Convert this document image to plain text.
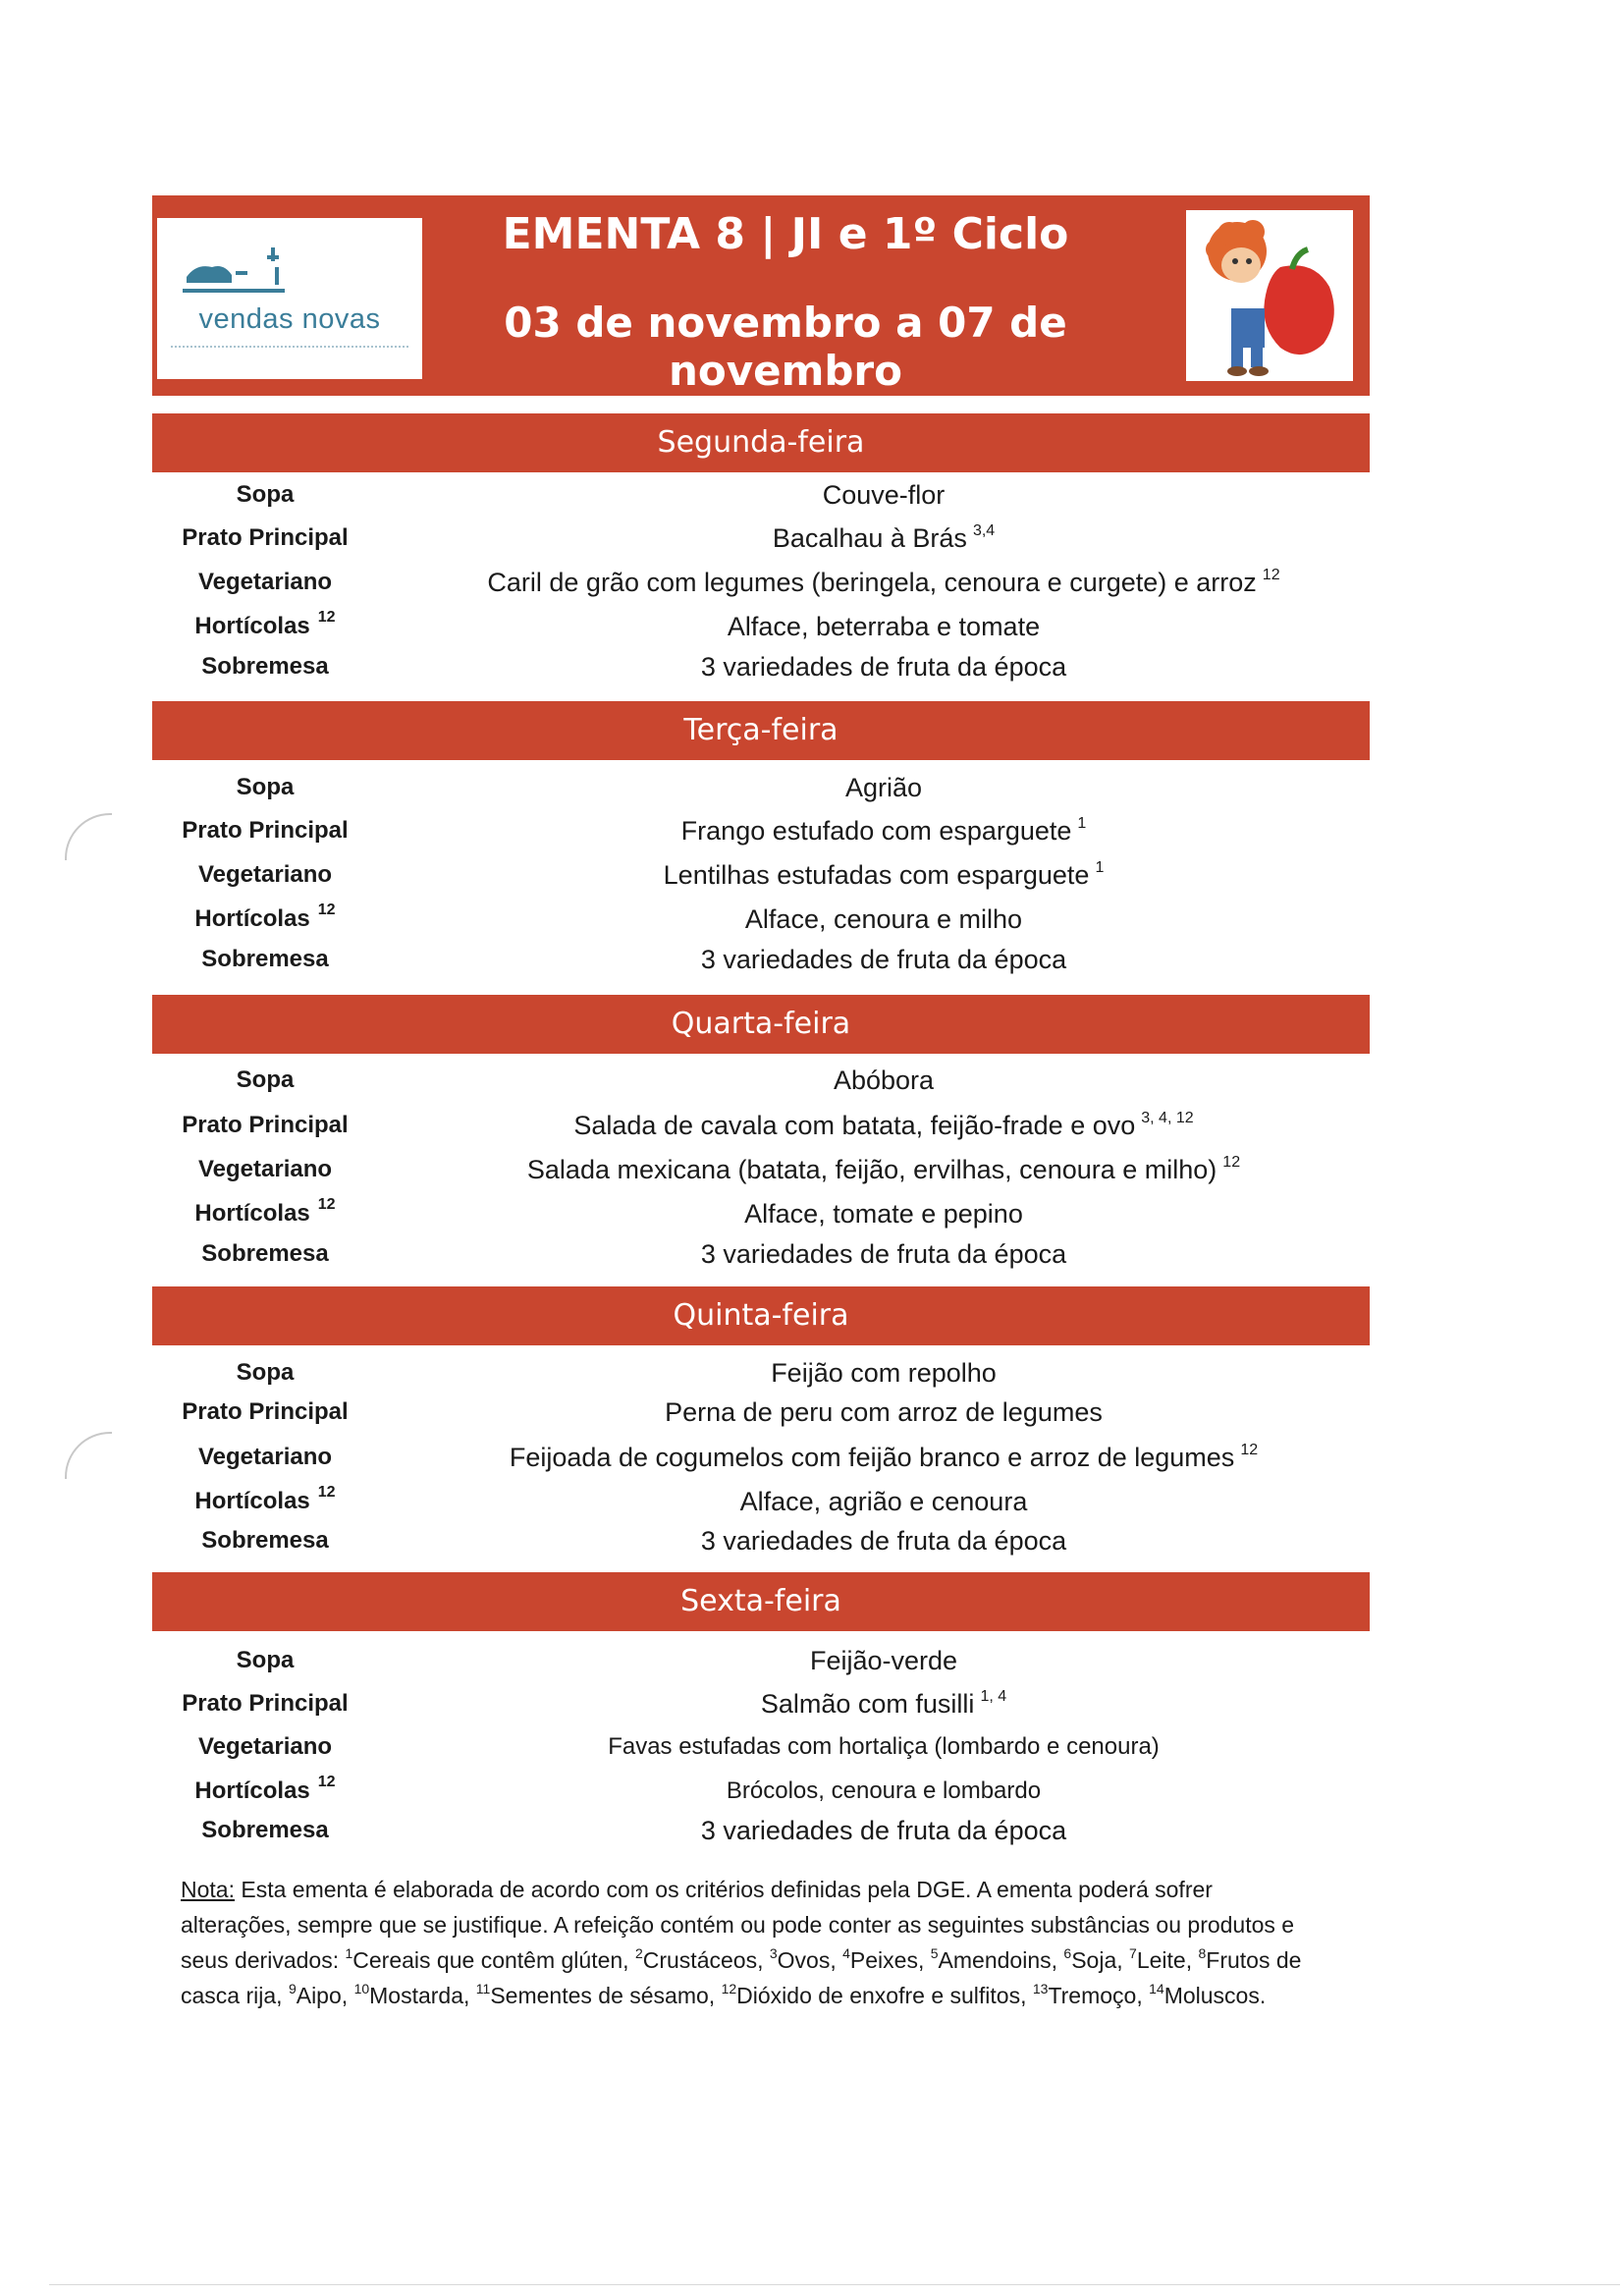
vendas novas
EMENTA 8 | JI e 1º Ciclo
03 de novembro a 07 de novembro
Segunda-feira
Sopa	Couve-flor
Prato Principal	Bacalhau à Brás $^{3,4}$
Vegetariano	Caril de grão com legumes (beringela, cenoura e curgete) e arroz $^{12}$
Hortícolas $^{12}$	Alface, beterraba e tomate
Sobremesa	3 variedades de fruta da época
Terça-feira
Sopa	Agrião
Prato Principal	Frango estufado com esparguete $^1$
Vegetariano	Lentilhas estufadas com esparguete $^1$
Hortícolas $^{12}$	Alface, cenoura e milho
Sobremesa	3 variedades de fruta da época
Quarta-feira
Sopa	Abóbora
Prato Principal	Salada de cavala com batata, feijão-frade e ovo $^{3, 4, 12}$
Vegetariano	Salada mexicana (batata, feijão, ervilhas, cenoura e milho) $^{12}$
Hortícolas $^{12}$	Alface, tomate e pepino
Sobremesa	3 variedades de fruta da época
Quinta-feira
Sopa	Feijão com repolho
Prato Principal	Perna de peru com arroz de legumes
Vegetariano	Feijoada de cogumelos com feijão branco e arroz de legumes $^{12}$
Hortícolas $^{12}$	Alface, agrião e cenoura
Sobremesa	3 variedades de fruta da época
Sexta-feira
Sopa	Feijão-verde
Prato Principal	Salmão com fusilli $^{1, 4}$
Vegetariano	Favas estufadas com hortaliça (lombardo e cenoura)
Hortícolas $^{12}$	Brócolos, cenoura e lombardo
Sobremesa	3 variedades de fruta da época
Nota: Esta ementa é elaborada de acordo com os critérios definidas pela DGE. A ementa poderá sofrer alterações, sempre que se justifique. A refeição contém ou pode conter as seguintes substâncias ou produtos e seus derivados: $^1$Cereais que contêm glúten, $^2$Crustáceos, $^3$Ovos, $^4$Peixes, $^5$Amendoins, $^6$Soja, $^7$Leite, $^8$Frutos de casca rija, $^9$Aipo, $^{10}$Mostarda, $^{11}$Sementes de sésamo, $^{12}$Dióxido de enxofre e sulfitos, $^{13}$Tremoço, $^{14}$Moluscos.
